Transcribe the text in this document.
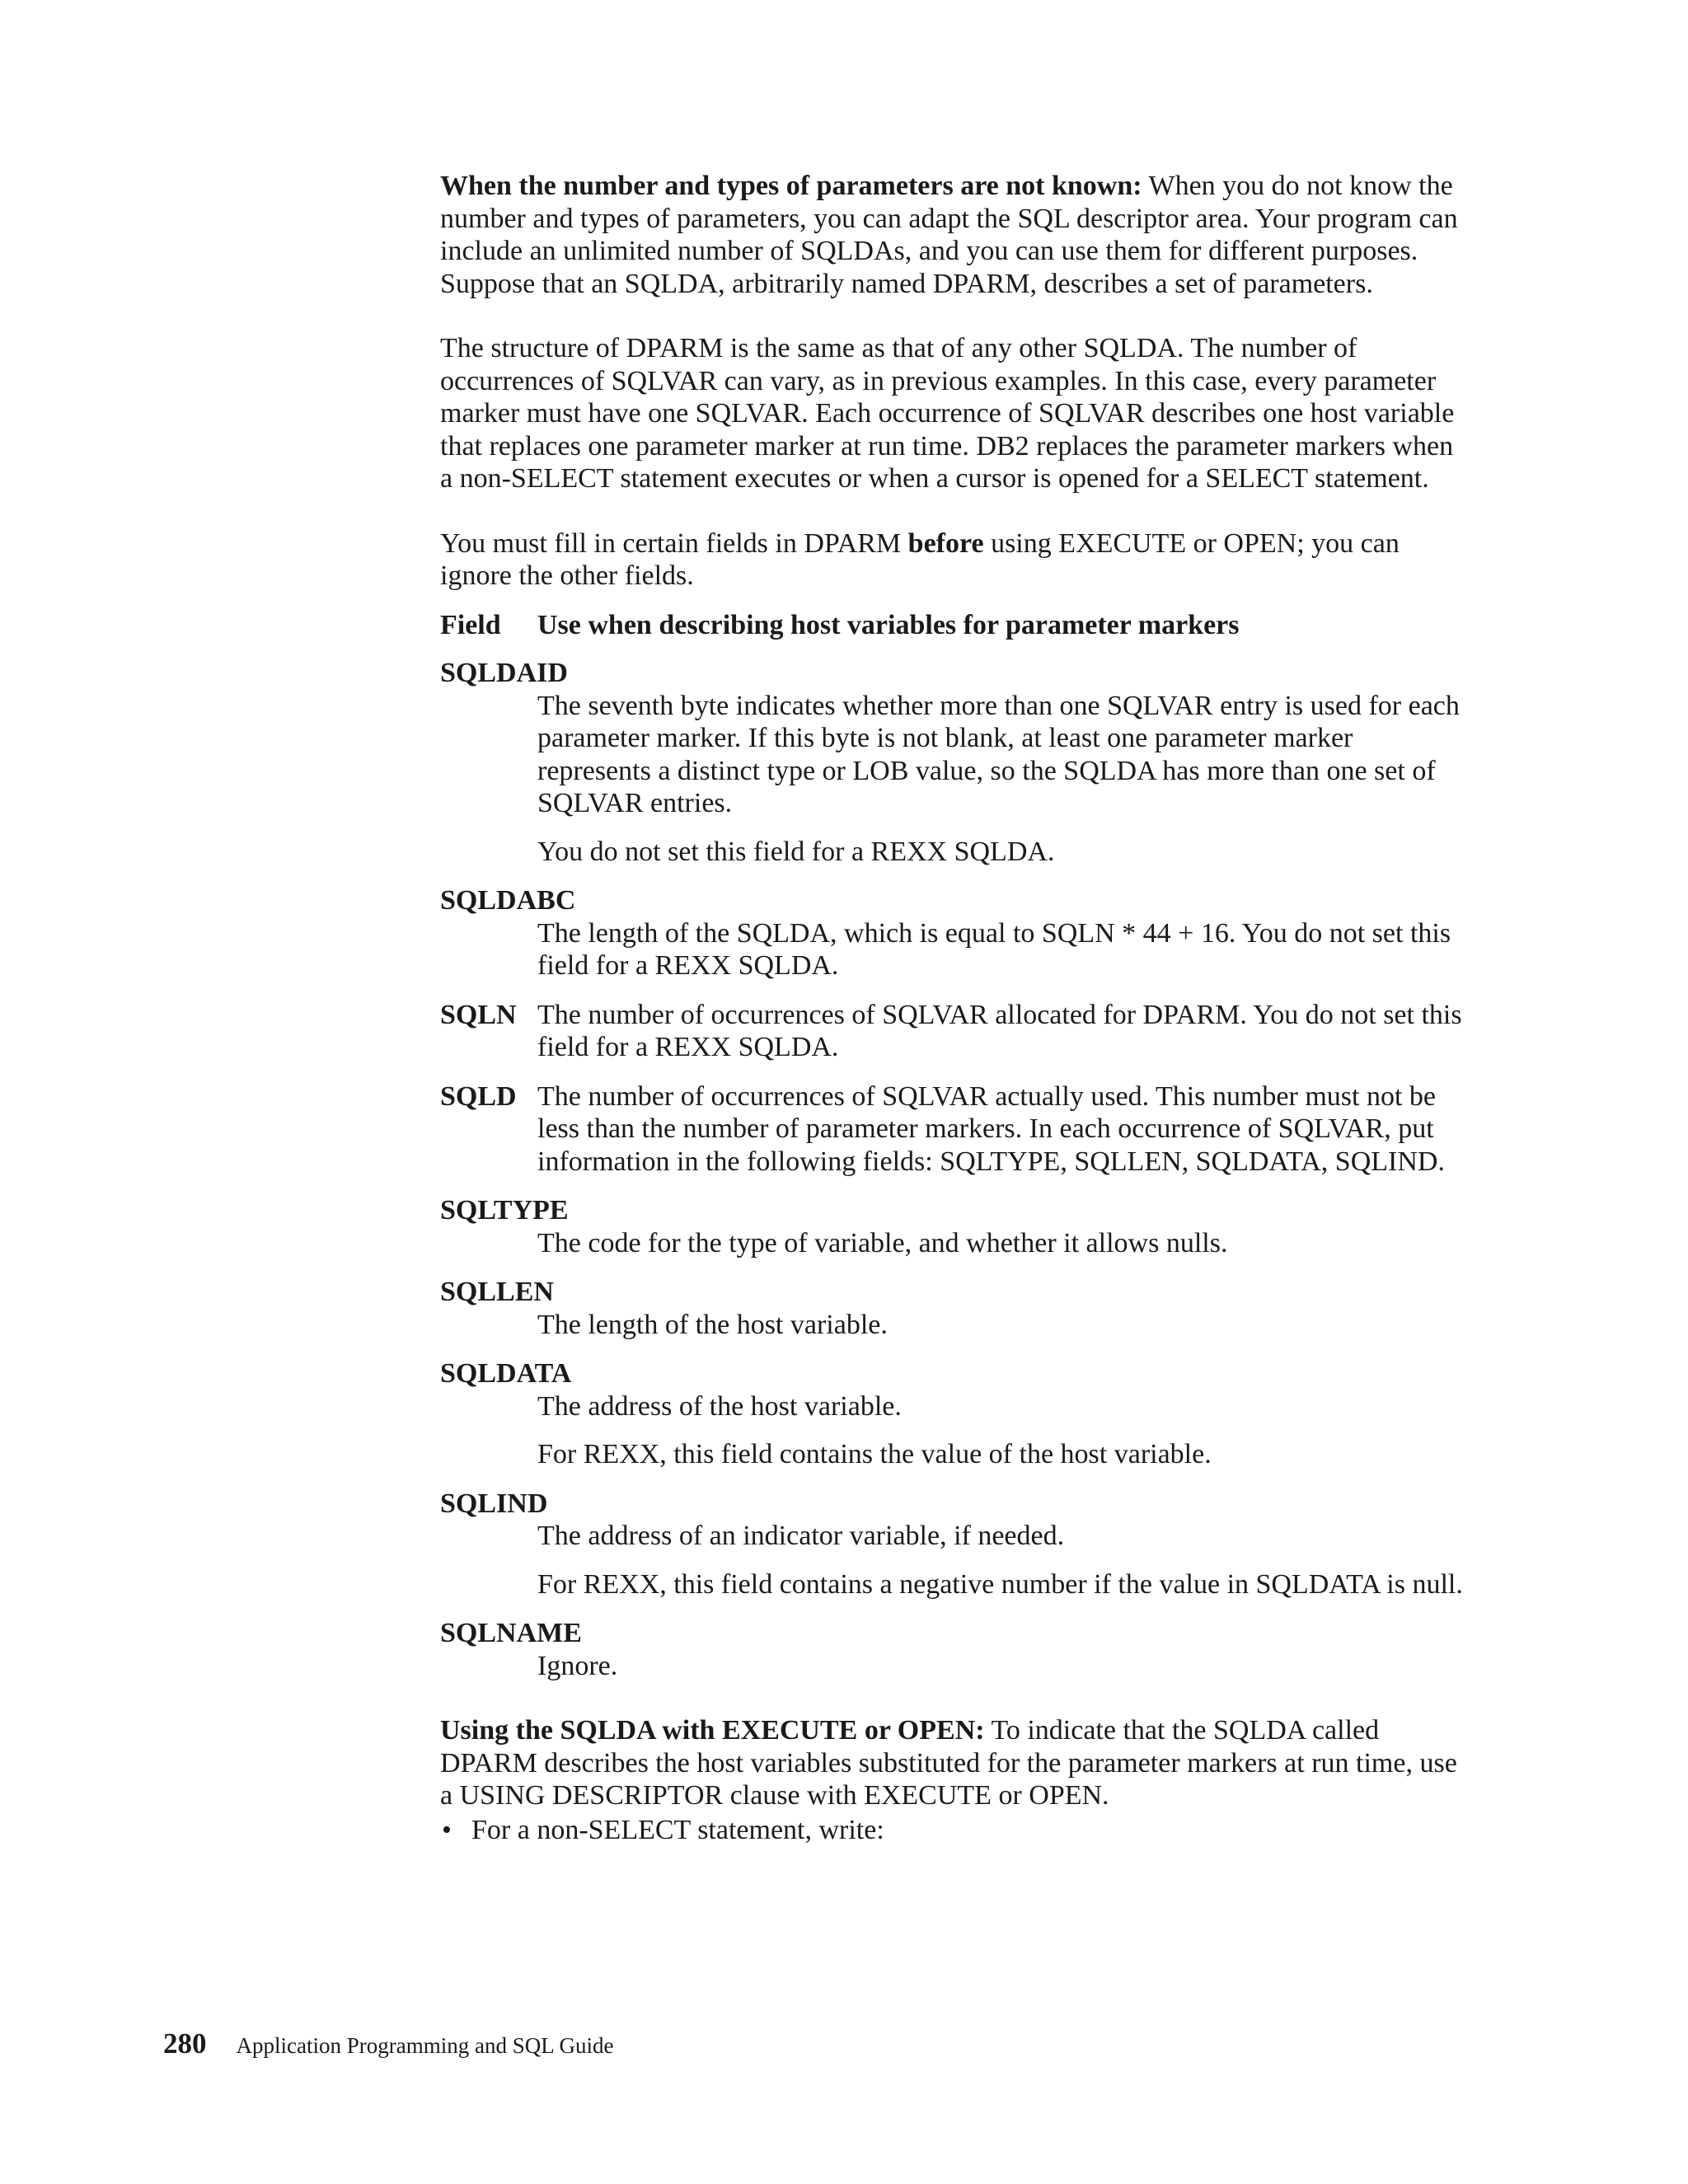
When the number and types of parameters are not known: When you do not know the number and types of parameters, you can adapt the SQL descriptor area. Your program can include an unlimited number of SQLDAs, and you can use them for different purposes. Suppose that an SQLDA, arbitrarily named DPARM, describes a set of parameters.

The structure of DPARM is the same as that of any other SQLDA. The number of occurrences of SQLVAR can vary, as in previous examples. In this case, every parameter marker must have one SQLVAR. Each occurrence of SQLVAR describes one host variable that replaces one parameter marker at run time. DB2 replaces the parameter markers when a non-SELECT statement executes or when a cursor is opened for a SELECT statement.

You must fill in certain fields in DPARM before using EXECUTE or OPEN; you can ignore the other fields.

Field	Use when describing host variables for parameter markers
SQLDAID

The seventh byte indicates whether more than one SQLVAR entry is used for each parameter marker. If this byte is not blank, at least one parameter marker represents a distinct type or LOB value, so the SQLDA has more than one set of SQLVAR entries.

You do not set this field for a REXX SQLDA.

SQLDABC

The length of the SQLDA, which is equal to SQLN * 44 + 16. You do not set this field for a REXX SQLDA.

SQLN The number of occurrences of SQLVAR allocated for DPARM. You do not set this field for a REXX SQLDA.

SQLD The number of occurrences of SQLVAR actually used. This number must not be less than the number of parameter markers. In each occurrence of SQLVAR, put information in the following fields: SQLTYPE, SQLLEN, SQLDATA, SQLIND.

SQLTYPE

The code for the type of variable, and whether it allows nulls.

SQLLEN

The length of the host variable.

SQLDATA

The address of the host variable.

For REXX, this field contains the value of the host variable.

SQLIND

The address of an indicator variable, if needed.

For REXX, this field contains a negative number if the value in SQLDATA is null.

SQLNAME

Ignore.

Using the SQLDA with EXECUTE or OPEN: To indicate that the SQLDA called DPARM describes the host variables substituted for the parameter markers at run time, use a USING DESCRIPTOR clause with EXECUTE or OPEN.

• For a non-SELECT statement, write:
280 Application Programming and SQL Guide
